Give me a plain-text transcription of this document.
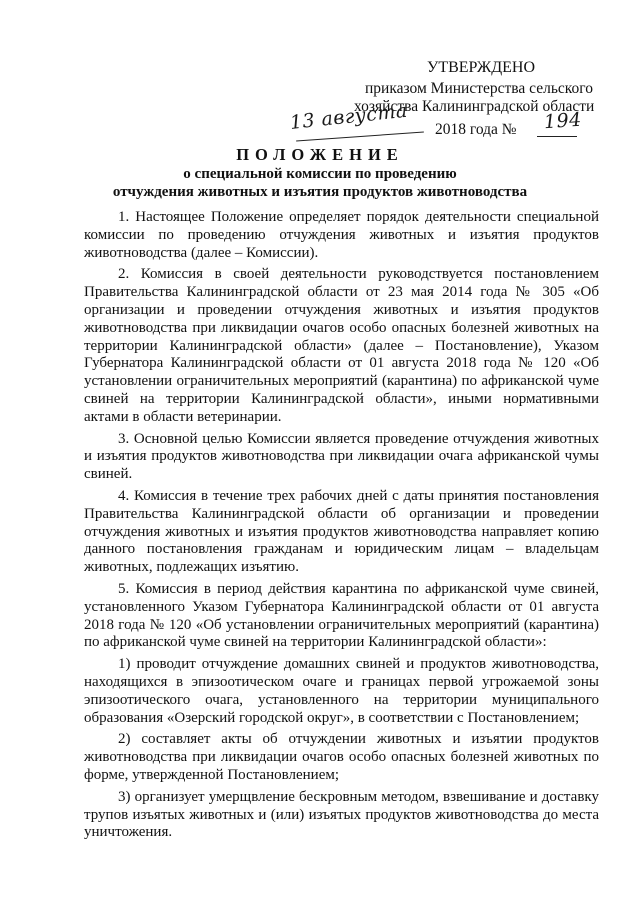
УТВЕРЖДЕНО
приказом Министерства сельского
хозяйства Калининградской области
13 августа 2018 года № 194
ПОЛОЖЕНИЕ
о специальной комиссии по проведению
отчуждения животных и изъятия продуктов животноводства

1. Настоящее Положение определяет порядок деятельности специальной комиссии по проведению отчуждения животных и изъятия продуктов животноводства (далее – Комиссии).

2. Комиссия в своей деятельности руководствуется постановлением Правительства Калининградской области от 23 мая 2014 года № 305 «Об организации и проведении отчуждения животных и изъятия продуктов животноводства при ликвидации очагов особо опасных болезней животных на территории Калининградской области» (далее – Постановление), Указом Губернатора Калининградской области от 01 августа 2018 года № 120 «Об установлении ограничительных мероприятий (карантина) по африканской чуме свиней на территории Калининградской области», иными нормативными актами в области ветеринарии.

3. Основной целью Комиссии является проведение отчуждения животных и изъятия продуктов животноводства при ликвидации очага африканской чумы свиней.

4. Комиссия в течение трех рабочих дней с даты принятия постановления Правительства Калининградской области об организации и проведении отчуждения животных и изъятия продуктов животноводства направляет копию данного постановления гражданам и юридическим лицам – владельцам животных, подлежащих изъятию.

5. Комиссия в период действия карантина по африканской чуме свиней, установленного Указом Губернатора Калининградской области от 01 августа 2018 года № 120 «Об установлении ограничительных мероприятий (карантина) по африканской чуме свиней на территории Калининградской области»:

1) проводит отчуждение домашних свиней и продуктов животноводства, находящихся в эпизоотическом очаге и границах первой угрожаемой зоны эпизоотического очага, установленного на территории муниципального образования «Озерский городской округ», в соответствии с Постановлением;

2) составляет акты об отчуждении животных и изъятии продуктов животноводства при ликвидации очагов особо опасных болезней животных по форме, утвержденной Постановлением;

3) организует умерщвление бескровным методом, взвешивание и доставку трупов изъятых животных и (или) изъятых продуктов животноводства до места уничтожения.
